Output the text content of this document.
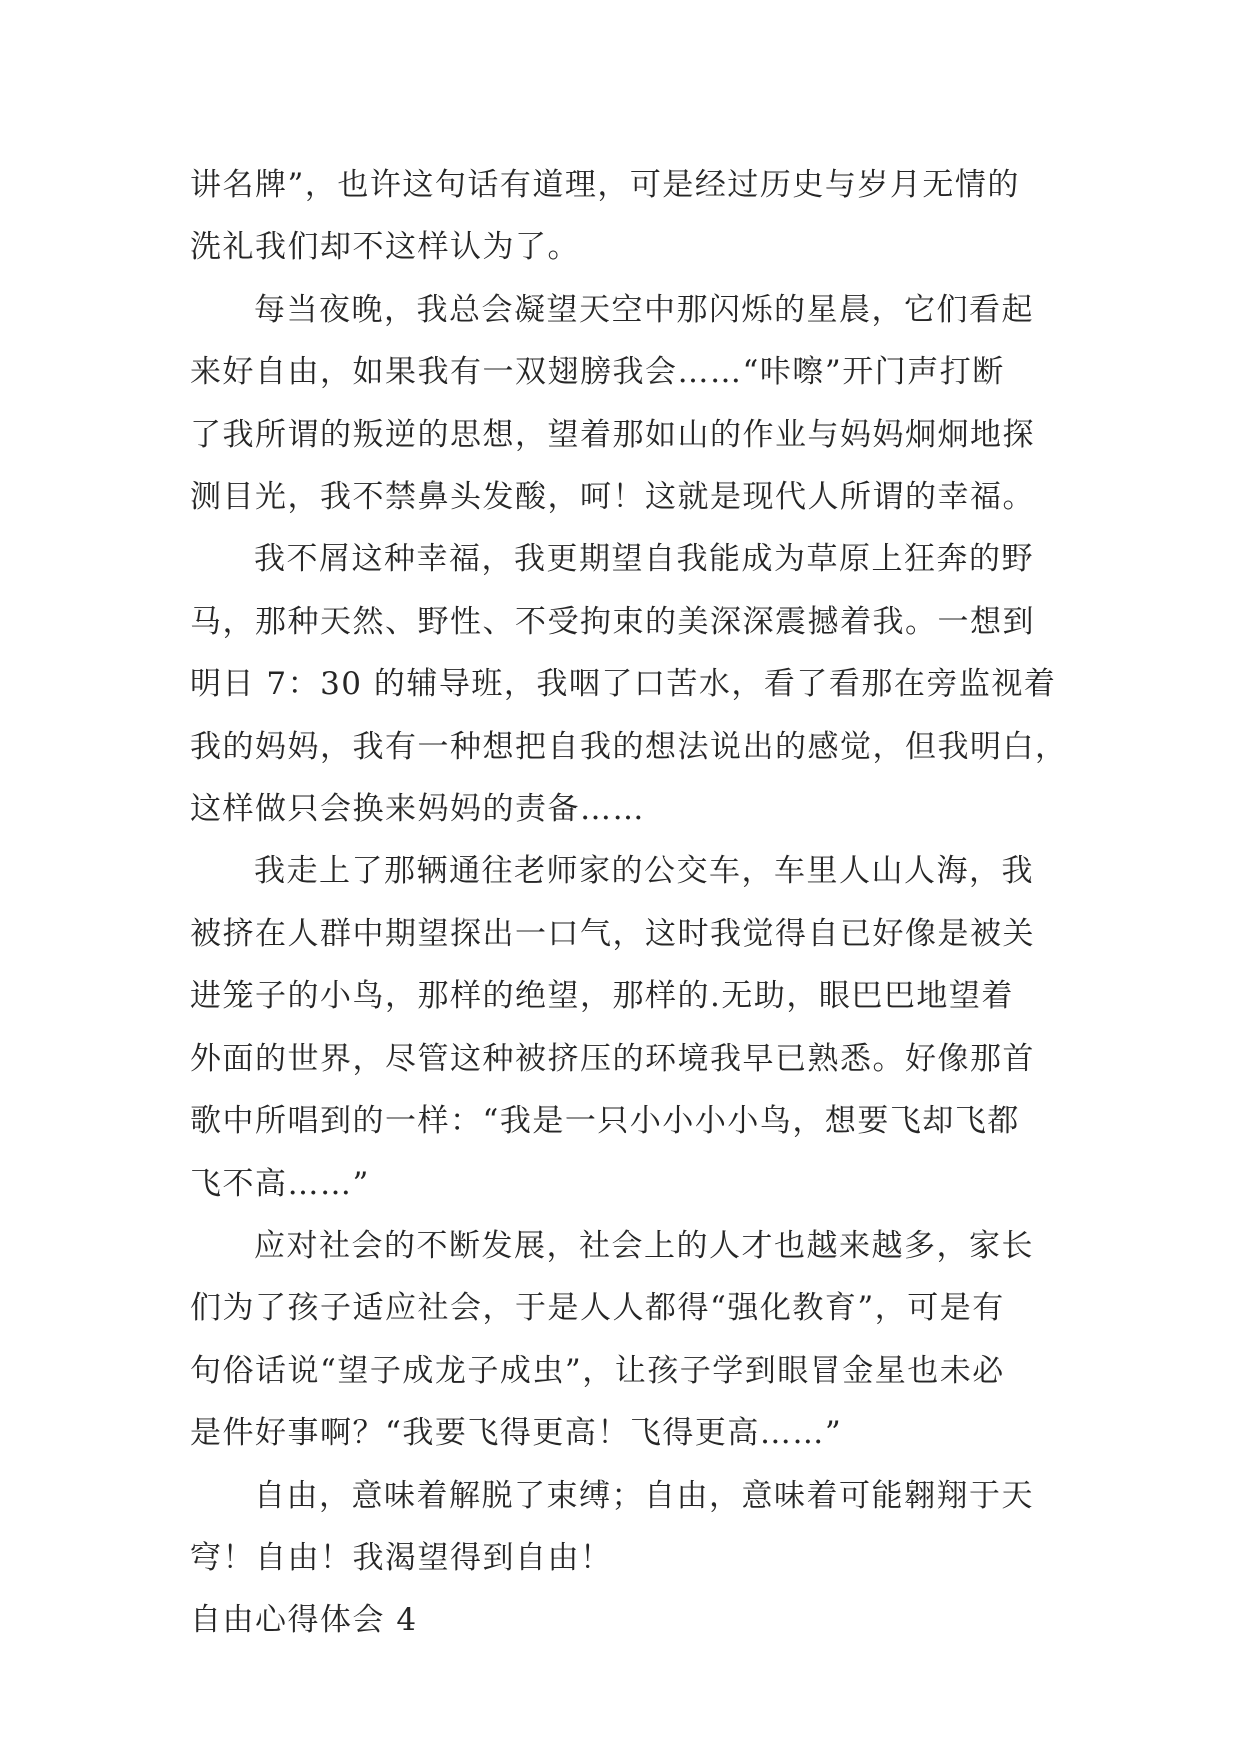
讲名牌”，也许这句话有道理，可是经过历史与岁月无情的
洗礼我们却不这样认为了。
每当夜晚，我总会凝望天空中那闪烁的星晨，它们看起
来好自由，如果我有一双翅膀我会……“咔嚓”开门声打断
了我所谓的叛逆的思想，望着那如山的作业与妈妈炯炯地探
测目光，我不禁鼻头发酸，呵！这就是现代人所谓的幸福。
我不屑这种幸福，我更期望自我能成为草原上狂奔的野
马，那种天然、野性、不受拘束的美深深震撼着我。一想到
明日 7：30 的辅导班，我咽了口苦水，看了看那在旁监视着
我的妈妈，我有一种想把自我的想法说出的感觉，但我明白，
这样做只会换来妈妈的责备……
我走上了那辆通往老师家的公交车，车里人山人海，我
被挤在人群中期望探出一口气，这时我觉得自已好像是被关
进笼子的小鸟，那样的绝望，那样的.无助，眼巴巴地望着
外面的世界，尽管这种被挤压的环境我早已熟悉。好像那首
歌中所唱到的一样：“我是一只小小小小鸟，想要飞却飞都
飞不高……”
应对社会的不断发展，社会上的人才也越来越多，家长
们为了孩子适应社会，于是人人都得“强化教育”，可是有
句俗话说“望子成龙子成虫”，让孩子学到眼冒金星也未必
是件好事啊？“我要飞得更高！飞得更高……”
自由，意味着解脱了束缚；自由，意味着可能翱翔于天
穹！自由！我渴望得到自由！
自由心得体会 4
